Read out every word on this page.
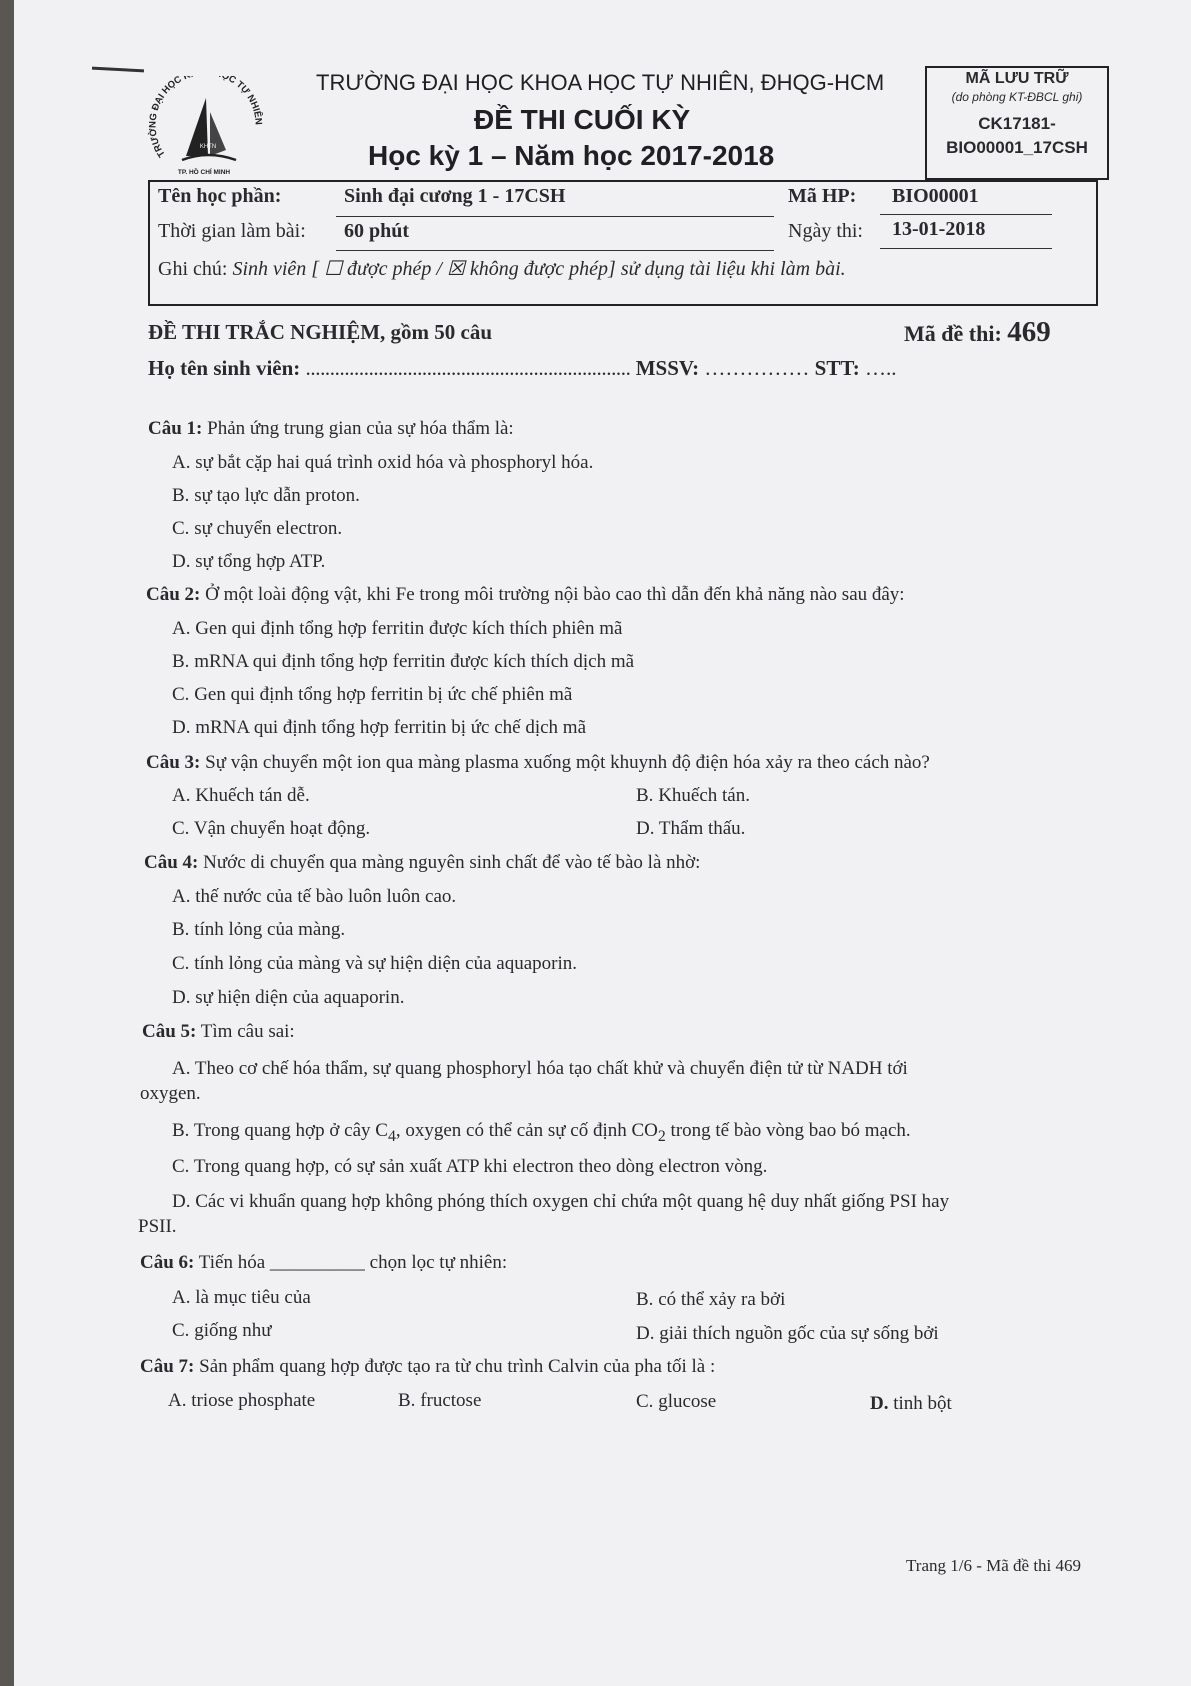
TRƯỜNG ĐẠI HỌC	ỌC TỰ NHIÊN
KHTN
TP. HỒ CHÍ MINH
TRƯỜNG ĐẠI HỌC KHOA HỌC TỰ NHIÊN, ĐHQG-HCM
ĐỀ THI CUỐI KỲ
Học kỳ 1 – Năm học 2017-2018
MÃ LƯU TRỮ
(do phòng KT-ĐBCL ghi)
CK17181-
BIO00001_17CSH
Tên học phần:	Sinh đại cương 1 - 17CSH	Mã HP: BIO00001
Thời gian làm bài: 60 phút	Ngày thi: 13-01-2018
Ghi chú: Sinh viên [ ☐ được phép / ☒ không được phép] sử dụng tài liệu khi làm bài.
ĐỀ THI TRẮC NGHIỆM, gồm 50 câu	Mã đề thi: 469
Họ tên sinh viên: ................................................................... MSSV: …………… STT: …..
Câu 1: Phản ứng trung gian của sự hóa thẩm là:
A. sự bắt cặp hai quá trình oxid hóa và phosphoryl hóa.
B. sự tạo lực dẫn proton.
C. sự chuyển electron.
D. sự tổng hợp ATP.
Câu 2: Ở một loài động vật, khi Fe trong môi trường nội bào cao thì dẫn đến khả năng nào sau đây:
A. Gen qui định tổng hợp ferritin được kích thích phiên mã
B. mRNA qui định tổng hợp ferritin được kích thích dịch mã
C. Gen qui định tổng hợp ferritin bị ức chế phiên mã
D. mRNA qui định tổng hợp ferritin bị ức chế dịch mã
Câu 3: Sự vận chuyển một ion qua màng plasma xuống một khuynh độ điện hóa xảy ra theo cách nào?
A. Khuếch tán dễ.	B. Khuếch tán.
C. Vận chuyển hoạt động.	D. Thẩm thấu.
Câu 4: Nước di chuyển qua màng nguyên sinh chất để vào tế bào là nhờ:
A. thế nước của tế bào luôn luôn cao.
B. tính lỏng của màng.
C. tính lỏng của màng và sự hiện diện của aquaporin.
D. sự hiện diện của aquaporin.
Câu 5: Tìm câu sai:
A. Theo cơ chế hóa thẩm, sự quang phosphoryl hóa tạo chất khử và chuyển điện tử từ NADH tới
oxygen.
B. Trong quang hợp ở cây $C_4$, oxygen có thể cản sự cố định $CO_2$ trong tế bào vòng bao bó mạch.
C. Trong quang hợp, có sự sản xuất ATP khi electron theo dòng electron vòng.
D. Các vi khuẩn quang hợp không phóng thích oxygen chỉ chứa một quang hệ duy nhất giống PSI hay
PSII.
Câu 6: Tiến hóa __________ chọn lọc tự nhiên:
A. là mục tiêu của	B. có thể xảy ra bởi
C. giống như	D. giải thích nguồn gốc của sự sống bởi
Câu 7: Sản phẩm quang hợp được tạo ra từ chu trình Calvin của pha tối là :
A. triose phosphate	B. fructose	C. glucose	D. tinh bột
Trang 1/6 - Mã đề thi 469
